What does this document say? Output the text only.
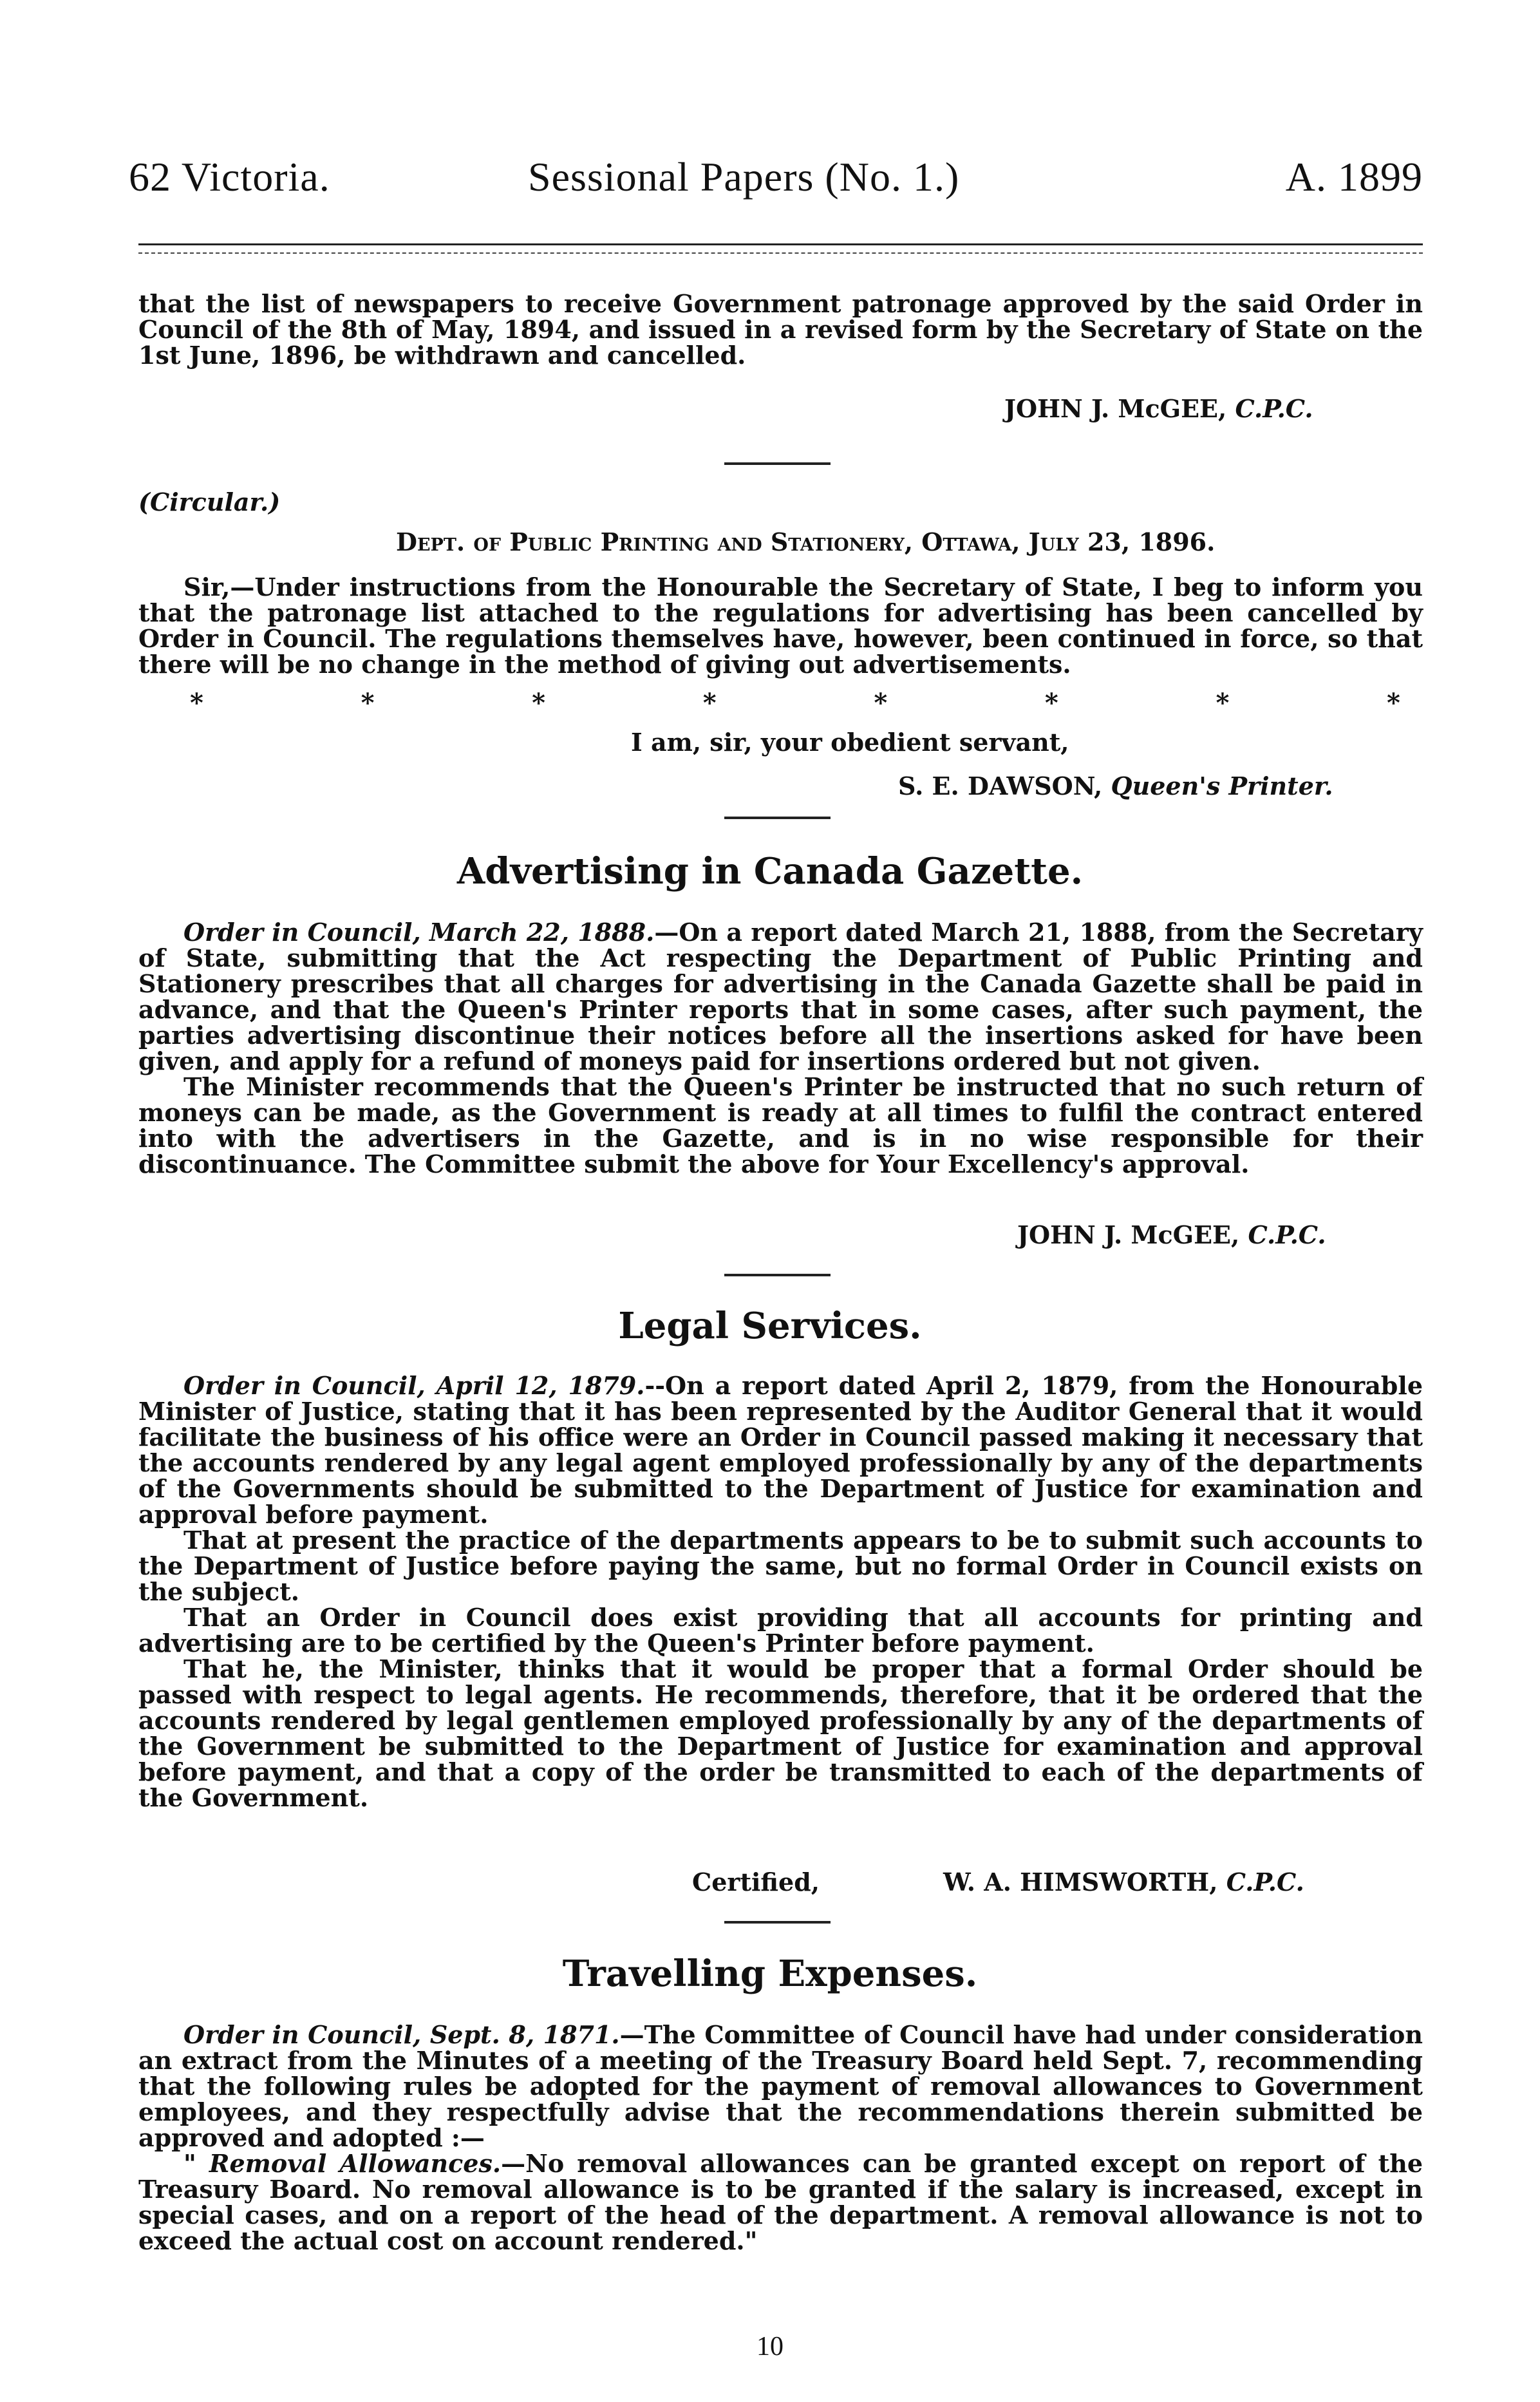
62 Victoria.	Sessional Papers (No. 1.)	A. 1899

that the list of newspapers to receive Government patronage approved by the said Order in Council of the 8th of May, 1894, and issued in a revised form by the Secretary of State on the 1st June, 1896, be withdrawn and cancelled.

JOHN J. McGEE, C.P.C.
(Circular.)
Dept. of Public Printing and Stationery, Ottawa, July 23, 1896.

Sir,—Under instructions from the Honourable the Secretary of State, I beg to inform you that the patronage list attached to the regulations for advertising has been cancelled by Order in Council. The regulations themselves have, however, been continued in force, so that there will be no change in the method of giving out advertisements.

*	*	*	*	*	*	*	*
I am, sir, your obedient servant,
S. E. DAWSON, Queen's Printer.
Advertising in Canada Gazette.

Order in Council, March 22, 1888.—On a report dated March 21, 1888, from the Secretary of State, submitting that the Act respecting the Department of Public Printing and Stationery prescribes that all charges for advertising in the Canada Gazette shall be paid in advance, and that the Queen's Printer reports that in some cases, after such payment, the parties advertising discontinue their notices before all the insertions asked for have been given, and apply for a refund of moneys paid for insertions ordered but not given.

The Minister recommends that the Queen's Printer be instructed that no such return of moneys can be made, as the Government is ready at all times to fulfil the contract entered into with the advertisers in the Gazette, and is in no wise responsible for their discontinuance. The Committee submit the above for Your Excellency's approval.

JOHN J. McGEE, C.P.C.
Legal Services.

Order in Council, April 12, 1879.--On a report dated April 2, 1879, from the Honourable Minister of Justice, stating that it has been represented by the Auditor General that it would facilitate the business of his office were an Order in Council passed making it necessary that the accounts rendered by any legal agent employed professionally by any of the departments of the Governments should be submitted to the Department of Justice for examination and approval before payment.

That at present the practice of the departments appears to be to submit such accounts to the Department of Justice before paying the same, but no formal Order in Council exists on the subject.

That an Order in Council does exist providing that all accounts for printing and advertising are to be certified by the Queen's Printer before payment.

That he, the Minister, thinks that it would be proper that a formal Order should be passed with respect to legal agents. He recommends, therefore, that it be ordered that the accounts rendered by legal gentlemen employed professionally by any of the departments of the Government be submitted to the Department of Justice for examination and approval before payment, and that a copy of the order be transmitted to each of the departments of the Government.

Certified,	W. A. HIMSWORTH, C.P.C.
Travelling Expenses.

Order in Council, Sept. 8, 1871.—The Committee of Council have had under consideration an extract from the Minutes of a meeting of the Treasury Board held Sept. 7, recommending that the following rules be adopted for the payment of removal allowances to Government employees, and they respectfully advise that the recommendations therein submitted be approved and adopted :—

" Removal Allowances.—No removal allowances can be granted except on report of the Treasury Board. No removal allowance is to be granted if the salary is increased, except in special cases, and on a report of the head of the department. A removal allowance is not to exceed the actual cost on account rendered."

10
